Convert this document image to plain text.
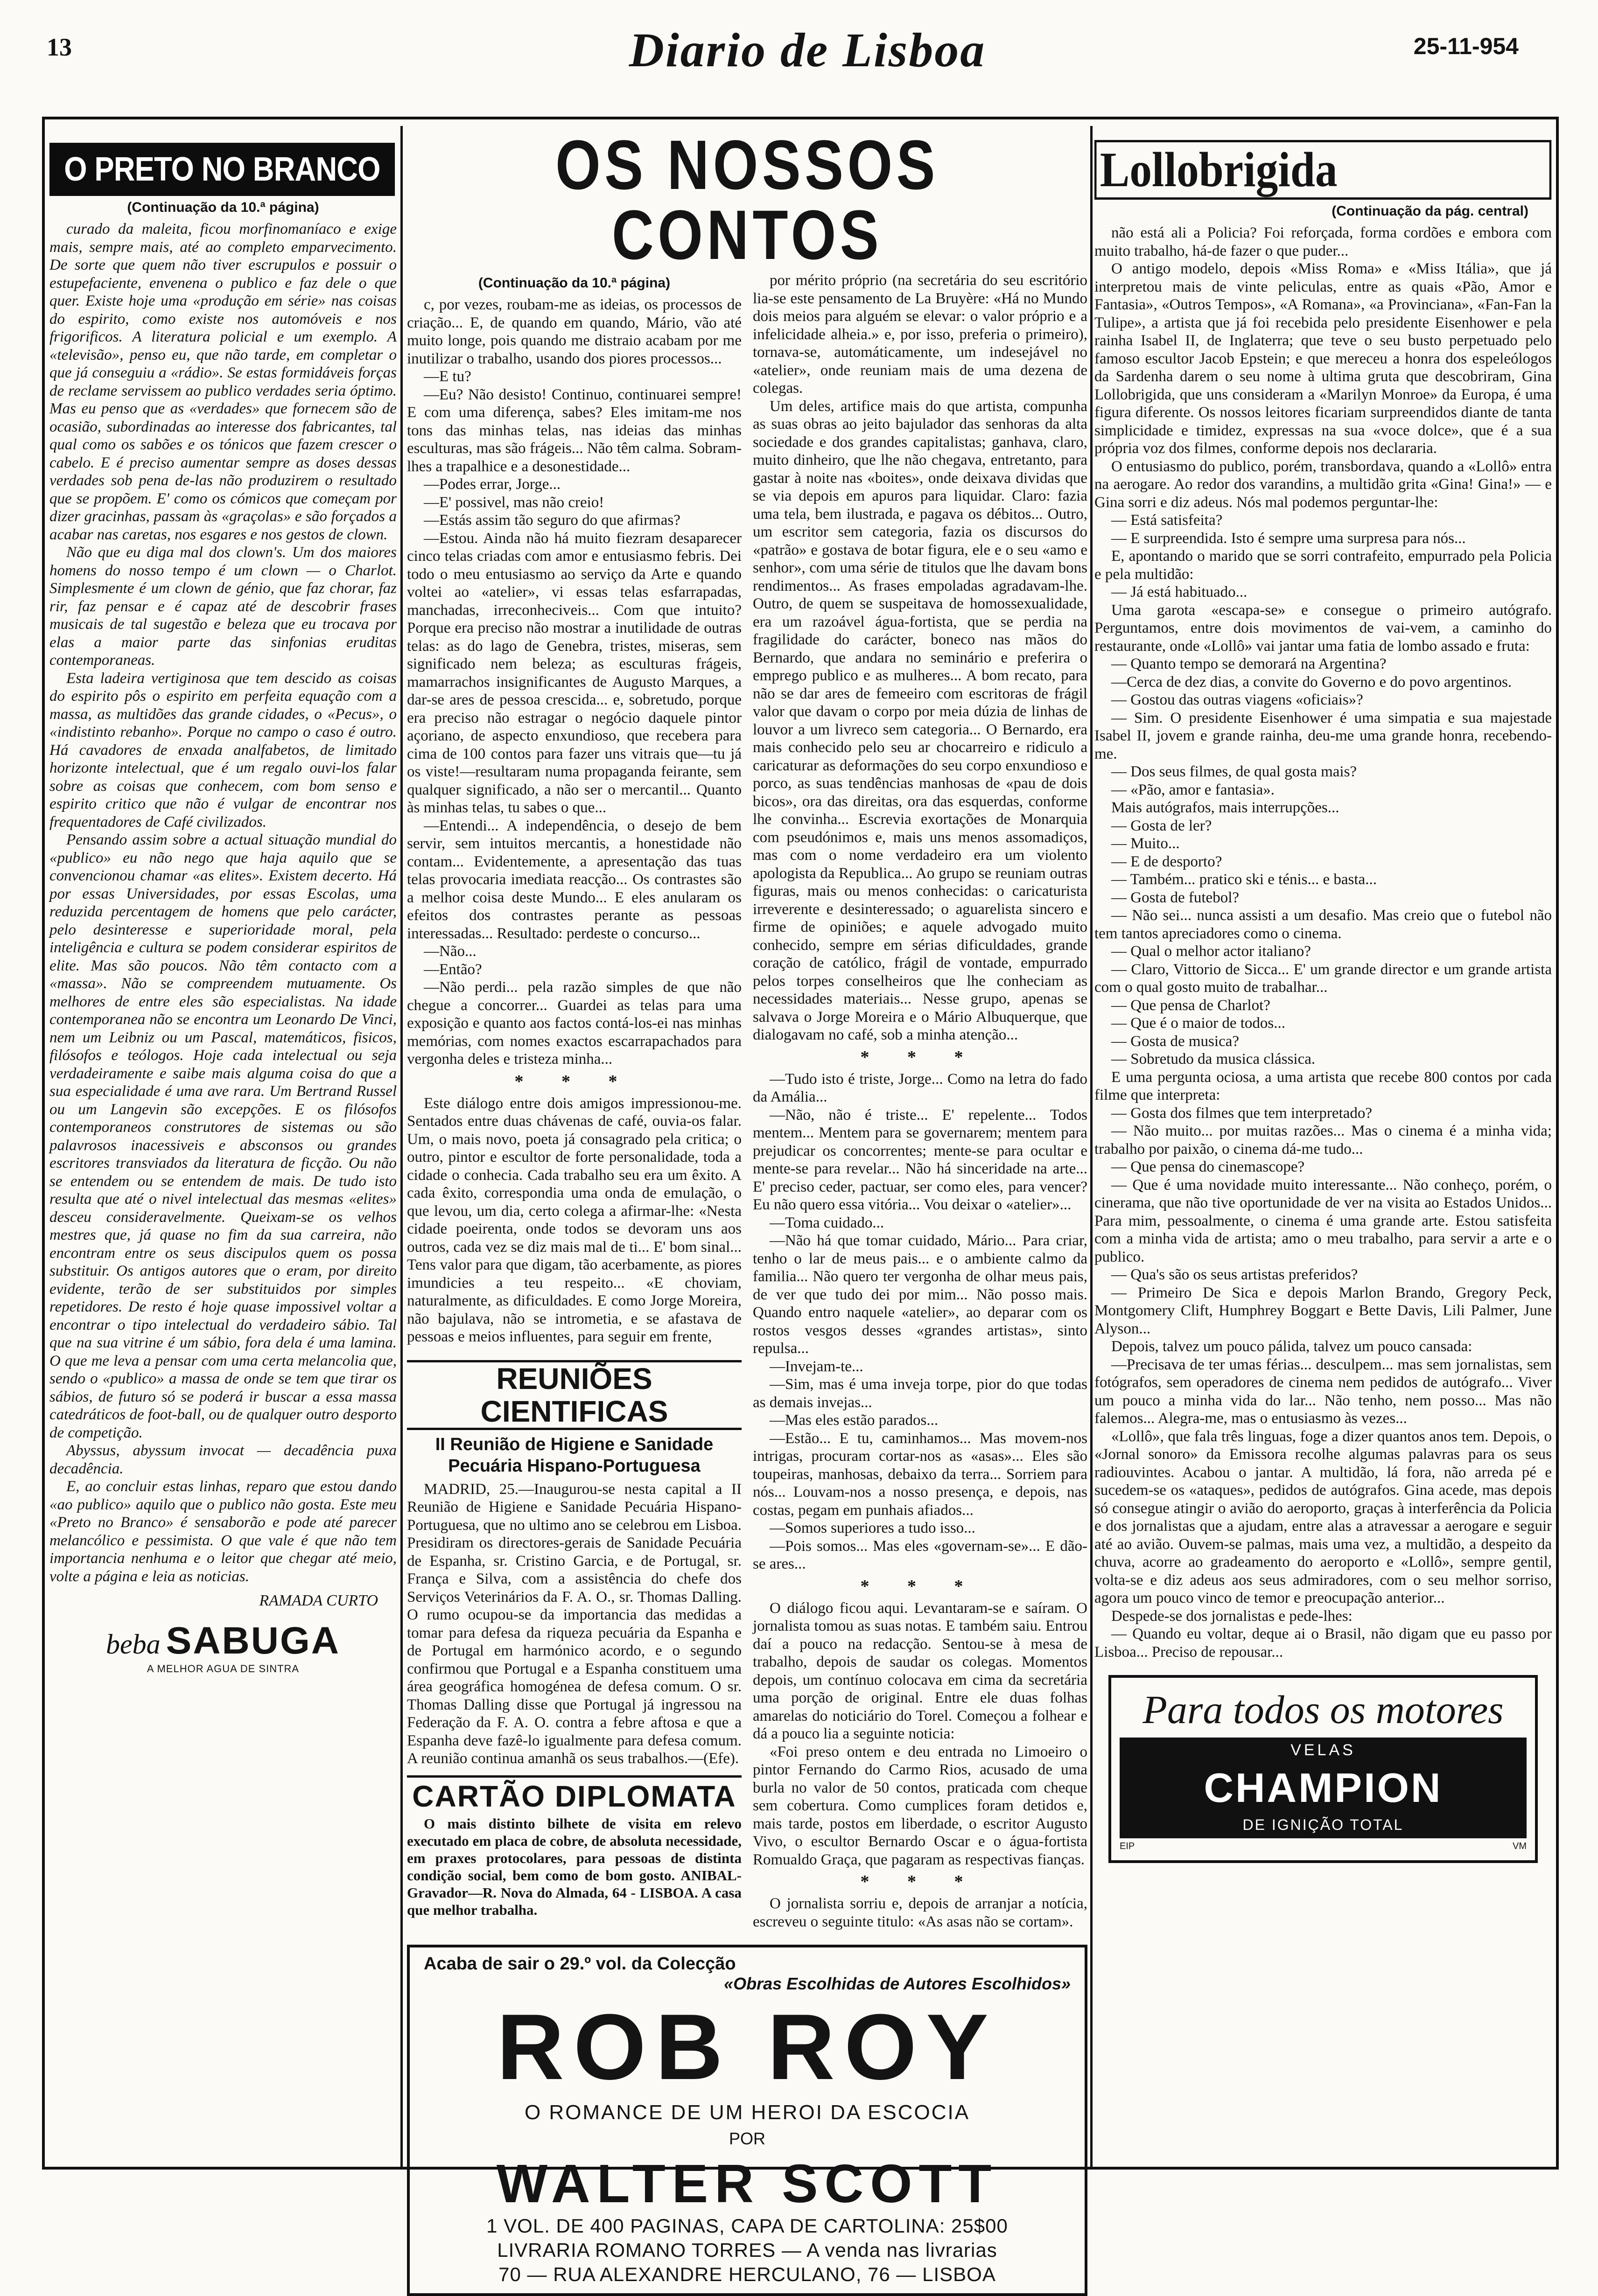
13	Diario de Lisboa	25-11-954
O PRETO NO BRANCO
(Continuação da 10.ª página)

curado da maleita, ficou morfinomaníaco e exige mais, sempre mais, até ao completo emparvecimento. De sorte que quem não tiver escrupulos e possuir o estupefaciente, envenena o publico e faz dele o que quer. Existe hoje uma «produção em série» nas coisas do espirito, como existe nos automóveis e nos frigorificos. A literatura policial e um exemplo. A «televisão», penso eu, que não tarde, em completar o que já conseguiu a «rádio». Se estas formidáveis forças de reclame servissem ao publico verdades seria óptimo. Mas eu penso que as «verdades» que fornecem são de ocasião, subordinadas ao interesse dos fabricantes, tal qual como os sabões e os tónicos que fazem crescer o cabelo. E é preciso aumentar sempre as doses dessas verdades sob pena de-las não produzirem o resultado que se propõem. E' como os cómicos que começam por dizer gracinhas, passam às «graçolas» e são forçados a acabar nas caretas, nos esgares e nos gestos de clown.

Não que eu diga mal dos clown's. Um dos maiores homens do nosso tempo é um clown — o Charlot. Simplesmente é um clown de génio, que faz chorar, faz rir, faz pensar e é capaz até de descobrir frases musicais de tal sugestão e beleza que eu trocava por elas a maior parte das sinfonias eruditas contemporaneas.

Esta ladeira vertiginosa que tem descido as coisas do espirito pôs o espirito em perfeita equação com a massa, as multidões das grande cidades, o «Pecus», o «indistinto rebanho». Porque no campo o caso é outro. Há cavadores de enxada analfabetos, de limitado horizonte intelectual, que é um regalo ouvi-los falar sobre as coisas que conhecem, com bom senso e espirito critico que não é vulgar de encontrar nos frequentadores de Café civilizados.

Pensando assim sobre a actual situação mundial do «publico» eu não nego que haja aquilo que se convencionou chamar «as elites». Existem decerto. Há por essas Universidades, por essas Escolas, uma reduzida percentagem de homens que pelo carácter, pelo desinteresse e superioridade moral, pela inteligência e cultura se podem considerar espiritos de elite. Mas são poucos. Não têm contacto com a «massa». Não se compreendem mutuamente. Os melhores de entre eles são especialistas. Na idade contemporanea não se encontra um Leonardo De Vinci, nem um Leibniz ou um Pascal, matemáticos, fisicos, filósofos e teólogos. Hoje cada intelectual ou seja verdadeiramente e saibe mais alguma coisa do que a sua especialidade é uma ave rara. Um Bertrand Russel ou um Langevin são excepções. E os filósofos contemporaneos construtores de sistemas ou são palavrosos inacessiveis e absconsos ou grandes escritores transviados da literatura de ficção. Ou não se entendem ou se entendem de mais. De tudo isto resulta que até o nivel intelectual das mesmas «elites» desceu consideravelmente. Queixam-se os velhos mestres que, já quase no fim da sua carreira, não encontram entre os seus discipulos quem os possa substituir. Os antigos autores que o eram, por direito evidente, terão de ser substituidos por simples repetidores. De resto é hoje quase impossivel voltar a encontrar o tipo intelectual do verdadeiro sábio. Tal que na sua vitrine é um sábio, fora dela é uma lamina. O que me leva a pensar com uma certa melancolia que, sendo o «publico» a massa de onde se tem que tirar os sábios, de futuro só se poderá ir buscar a essa massa catedráticos de foot-ball, ou de qualquer outro desporto de competição.

Abyssus, abyssum invocat — decadência puxa decadência.

E, ao concluir estas linhas, reparo que estou dando «ao publico» aquilo que o publico não gosta. Este meu «Preto no Branco» é sensaborão e pode até parecer melancólico e pessimista. O que vale é que não tem importancia nenhuma e o leitor que chegar até meio, volte a página e leia as noticias.

RAMADA CURTO
beba SABUGA
A MELHOR AGUA DE SINTRA
OS NOSSOS CONTOS
(Continuação da 10.ª página)

c, por vezes, roubam-me as ideias, os processos de criação... E, de quando em quando, Mário, vão até muito longe, pois quando me distraio acabam por me inutilizar o trabalho, usando dos piores processos...

—E tu?

—Eu? Não desisto! Continuo, continuarei sempre! E com uma diferença, sabes? Eles imitam-me nos tons das minhas telas, nas ideias das minhas esculturas, mas são frágeis... Não têm calma. Sobram-lhes a trapalhice e a desonestidade...

—Podes errar, Jorge...

—E' possivel, mas não creio!

—Estás assim tão seguro do que afirmas?

—Estou. Ainda não há muito fiezram desaparecer cinco telas criadas com amor e entusiasmo febris. Dei todo o meu entusiasmo ao serviço da Arte e quando voltei ao «atelier», vi essas telas esfarrapadas, manchadas, irreconheciveis... Com que intuito? Porque era preciso não mostrar a inutilidade de outras telas: as do lago de Genebra, tristes, miseras, sem significado nem beleza; as esculturas frágeis, mamarrachos insignificantes de Augusto Marques, a dar-se ares de pessoa crescida... e, sobretudo, porque era preciso não estragar o negócio daquele pintor açoriano, de aspecto enxundioso, que recebera para cima de 100 contos para fazer uns vitrais que—tu já os viste!—resultaram numa propaganda feirante, sem qualquer significado, a não ser o mercantil... Quanto às minhas telas, tu sabes o que...

—Entendi... A independência, o desejo de bem servir, sem intuitos mercantis, a honestidade não contam... Evidentemente, a apresentação das tuas telas provocaria imediata reacção... Os contrastes são a melhor coisa deste Mundo... E eles anularam os efeitos dos contrastes perante as pessoas interessadas... Resultado: perdeste o concurso...

—Não...

—Então?

—Não perdi... pela razão simples de que não chegue a concorrer... Guardei as telas para uma exposição e quanto aos factos contá-los-ei nas minhas memórias, com nomes exactos escarrapachados para vergonha deles e tristeza minha...

* * *

Este diálogo entre dois amigos impressionou-me. Sentados entre duas chávenas de café, ouvia-os falar. Um, o mais novo, poeta já consagrado pela critica; o outro, pintor e escultor de forte personalidade, toda a cidade o conhecia. Cada trabalho seu era um êxito. A cada êxito, correspondia uma onda de emulação, o que levou, um dia, certo colega a afirmar-lhe: «Nesta cidade poeirenta, onde todos se devoram uns aos outros, cada vez se diz mais mal de ti... E' bom sinal... Tens valor para que digam, tão acerbamente, as piores imundicies a teu respeito... «E choviam, naturalmente, as dificuldades. E como Jorge Moreira, não bajulava, não se intrometia, e se afastava de pessoas e meios influentes, para seguir em frente,

REUNIÕES CIENTIFICAS
II Reunião de Higiene e Sanidade
Pecuária Hispano-Portuguesa

MADRID, 25.—Inaugurou-se nesta capital a II Reunião de Higiene e Sanidade Pecuária Hispano-Portuguesa, que no ultimo ano se celebrou em Lisboa. Presidiram os directores-gerais de Sanidade Pecuária de Espanha, sr. Cristino Garcia, e de Portugal, sr. França e Silva, com a assistência do chefe dos Serviços Veterinários da F. A. O., sr. Thomas Dalling. O rumo ocupou-se da importancia das medidas a tomar para defesa da riqueza pecuária da Espanha e de Portugal em harmónico acordo, e o segundo confirmou que Portugal e a Espanha constituem uma área geográfica homogénea de defesa comum. O sr. Thomas Dalling disse que Portugal já ingressou na Federação da F. A. O. contra a febre aftosa e que a Espanha deve fazê-lo igualmente para defesa comum. A reunião continua amanhã os seus trabalhos.—(Efe).

CARTÃO DIPLOMATA

O mais distinto bilhete de visita em relevo executado em placa de cobre, de absoluta necessidade, em praxes protocolares, para pessoas de distinta condição social, bem como de bom gosto. ANIBAL-Gravador—R. Nova do Almada, 64 - LISBOA. A casa que melhor trabalha.

por mérito próprio (na secretária do seu escritório lia-se este pensamento de La Bruyère: «Há no Mundo dois meios para alguém se elevar: o valor próprio e a infelicidade alheia.» e, por isso, preferia o primeiro), tornava-se, automáticamente, um indesejável no «atelier», onde reuniam mais de uma dezena de colegas.

Um deles, artifice mais do que artista, compunha as suas obras ao jeito bajulador das senhoras da alta sociedade e dos grandes capitalistas; ganhava, claro, muito dinheiro, que lhe não chegava, entretanto, para gastar à noite nas «boites», onde deixava dividas que se via depois em apuros para liquidar. Claro: fazia uma tela, bem ilustrada, e pagava os débitos... Outro, um escritor sem categoria, fazia os discursos do «patrão» e gostava de botar figura, ele e o seu «amo e senhor», com uma série de titulos que lhe davam bons rendimentos... As frases empoladas agradavam-lhe. Outro, de quem se suspeitava de homossexualidade, era um razoável água-fortista, que se perdia na fragilidade do carácter, boneco nas mãos do Bernardo, que andara no seminário e preferira o emprego publico e as mulheres... A bom recato, para não se dar ares de femeeiro com escritoras de frágil valor que davam o corpo por meia dúzia de linhas de louvor a um livreco sem categoria... O Bernardo, era mais conhecido pelo seu ar chocarreiro e ridiculo a caricaturar as deformações do seu corpo enxundioso e porco, as suas tendências manhosas de «pau de dois bicos», ora das direitas, ora das esquerdas, conforme lhe convinha... Escrevia exortações de Monarquia com pseudónimos e, mais uns menos assomadiços, mas com o nome verdadeiro era um violento apologista da Republica... Ao grupo se reuniam outras figuras, mais ou menos conhecidas: o caricaturista irreverente e desinteressado; o aguarelista sincero e firme de opiniões; e aquele advogado muito conhecido, sempre em sérias dificuldades, grande coração de católico, frágil de vontade, empurrado pelos torpes conselheiros que lhe conheciam as necessidades materiais... Nesse grupo, apenas se salvava o Jorge Moreira e o Mário Albuquerque, que dialogavam no café, sob a minha atenção...

* * *

—Tudo isto é triste, Jorge... Como na letra do fado da Amália...

—Não, não é triste... E' repelente... Todos mentem... Mentem para se governarem; mentem para prejudicar os concorrentes; mente-se para ocultar e mente-se para revelar... Não há sinceridade na arte... E' preciso ceder, pactuar, ser como eles, para vencer? Eu não quero essa vitória... Vou deixar o «atelier»...

—Toma cuidado...

—Não há que tomar cuidado, Mário... Para criar, tenho o lar de meus pais... e o ambiente calmo da familia... Não quero ter vergonha de olhar meus pais, de ver que tudo dei por mim... Não posso mais. Quando entro naquele «atelier», ao deparar com os rostos vesgos desses «grandes artistas», sinto repulsa...

—Invejam-te...

—Sim, mas é uma inveja torpe, pior do que todas as demais invejas...

—Mas eles estão parados...

—Estão... E tu, caminhamos... Mas movem-nos intrigas, procuram cortar-nos as «asas»... Eles são toupeiras, manhosas, debaixo da terra... Sorriem para nós... Louvam-nos a nosso presença, e depois, nas costas, pegam em punhais afiados...

—Somos superiores a tudo isso...

—Pois somos... Mas eles «governam-se»... E dão-se ares...

* * *

O diálogo ficou aqui. Levantaram-se e saíram. O jornalista tomou as suas notas. E também saiu. Entrou daí a pouco na redacção. Sentou-se à mesa de trabalho, depois de saudar os colegas. Momentos depois, um contínuo colocava em cima da secretária uma porção de original. Entre ele duas folhas amarelas do noticiário do Torel. Começou a folhear e dá a pouco lia a seguinte noticia:

«Foi preso ontem e deu entrada no Limoeiro o pintor Fernando do Carmo Rios, acusado de uma burla no valor de 50 contos, praticada com cheque sem cobertura. Como cumplices foram detidos e, mais tarde, postos em liberdade, o escritor Augusto Vivo, o escultor Bernardo Oscar e o água-fortista Romualdo Graça, que pagaram as respectivas fianças.

* * *

O jornalista sorriu e, depois de arranjar a notícia, escreveu o seguinte titulo: «As asas não se cortam».

Acaba de sair o 29.º vol. da Colecção
«Obras Escolhidas de Autores Escolhidos»
ROB ROY
O ROMANCE DE UM HEROI DA ESCOCIA
POR
WALTER SCOTT
1 VOL. DE 400 PAGINAS, CAPA DE CARTOLINA: 25$00
LIVRARIA ROMANO TORRES — A venda nas livrarias
70 — RUA ALEXANDRE HERCULANO, 76 — LISBOA
Lollobrigida
(Continuação da pág. central)

não está ali a Policia? Foi reforçada, forma cordões e embora com muito trabalho, há-de fazer o que puder...

O antigo modelo, depois «Miss Roma» e «Miss Itália», que já interpretou mais de vinte peliculas, entre as quais «Pão, Amor e Fantasia», «Outros Tempos», «A Romana», «a Provinciana», «Fan-Fan la Tulipe», a artista que já foi recebida pelo presidente Eisenhower e pela rainha Isabel II, de Inglaterra; que teve o seu busto perpetuado pelo famoso escultor Jacob Epstein; e que mereceu a honra dos espeleólogos da Sardenha darem o seu nome à ultima gruta que descobriram, Gina Lollobrigida, que uns consideram a «Marilyn Monroe» da Europa, é uma figura diferente. Os nossos leitores ficariam surpreendidos diante de tanta simplicidade e timidez, expressas na sua «voce dolce», que é a sua própria voz dos filmes, conforme depois nos declararia.

O entusiasmo do publico, porém, transbordava, quando a «Lollô» entra na aerogare. Ao redor dos varandins, a multidão grita «Gina! Gina!» — e Gina sorri e diz adeus. Nós mal podemos perguntar-lhe:

— Está satisfeita?

— E surpreendida. Isto é sempre uma surpresa para nós...

E, apontando o marido que se sorri contrafeito, empurrado pela Policia e pela multidão:

— Já está habituado...

Uma garota «escapa-se» e consegue o primeiro autógrafo. Perguntamos, entre dois movimentos de vai-vem, a caminho do restaurante, onde «Lollô» vai jantar uma fatia de lombo assado e fruta:

— Quanto tempo se demorará na Argentina?

—Cerca de dez dias, a convite do Governo e do povo argentinos.

— Gostou das outras viagens «oficiais»?

— Sim. O presidente Eisenhower é uma simpatia e sua majestade Isabel II, jovem e grande rainha, deu-me uma grande honra, recebendo-me.

— Dos seus filmes, de qual gosta mais?

— «Pão, amor e fantasia».

Mais autógrafos, mais interrupções...

— Gosta de ler?

— Muito...

— E de desporto?

— Também... pratico ski e ténis... e basta...

— Gosta de futebol?

— Não sei... nunca assisti a um desafio. Mas creio que o futebol não tem tantos apreciadores como o cinema.

— Qual o melhor actor italiano?

— Claro, Vittorio de Sicca... E' um grande director e um grande artista com o qual gosto muito de trabalhar...

— Que pensa de Charlot?

— Que é o maior de todos...

— Gosta de musica?

— Sobretudo da musica clássica.

E uma pergunta ociosa, a uma artista que recebe 800 contos por cada filme que interpreta:

— Gosta dos filmes que tem interpretado?

— Não muito... por muitas razões... Mas o cinema é a minha vida; trabalho por paixão, o cinema dá-me tudo...

— Que pensa do cinemascope?

— Que é uma novidade muito interessante... Não conheço, porém, o cinerama, que não tive oportunidade de ver na visita ao Estados Unidos... Para mim, pessoalmente, o cinema é uma grande arte. Estou satisfeita com a minha vida de artista; amo o meu trabalho, para servir a arte e o publico.

— Qua's são os seus artistas preferidos?

— Primeiro De Sica e depois Marlon Brando, Gregory Peck, Montgomery Clift, Humphrey Boggart e Bette Davis, Lili Palmer, June Alyson...

Depois, talvez um pouco pálida, talvez um pouco cansada:

—Precisava de ter umas férias... desculpem... mas sem jornalistas, sem fotógrafos, sem operadores de cinema nem pedidos de autógrafo... Viver um pouco a minha vida do lar... Não tenho, nem posso... Mas não falemos... Alegra-me, mas o entusiasmo às vezes...

«Lollô», que fala três linguas, foge a dizer quantos anos tem. Depois, o «Jornal sonoro» da Emissora recolhe algumas palavras para os seus radiouvintes. Acabou o jantar. A multidão, lá fora, não arreda pé e sucedem-se os «ataques», pedidos de autógrafos. Gina acede, mas depois só consegue atingir o avião do aeroporto, graças à interferência da Policia e dos jornalistas que a ajudam, entre alas a atravessar a aerogare e seguir até ao avião. Ouvem-se palmas, mais uma vez, a multidão, a despeito da chuva, acorre ao gradeamento do aeroporto e «Lollô», sempre gentil, volta-se e diz adeus aos seus admiradores, com o seu melhor sorriso, agora um pouco vinco de temor e preocupação anterior...

Despede-se dos jornalistas e pede-lhes:

— Quando eu voltar, deque ai o Brasil, não digam que eu passo por Lisboa... Preciso de repousar...

Para todos os motores
VELAS
CHAMPION
DE IGNIÇÃO TOTAL
EIP	VM
